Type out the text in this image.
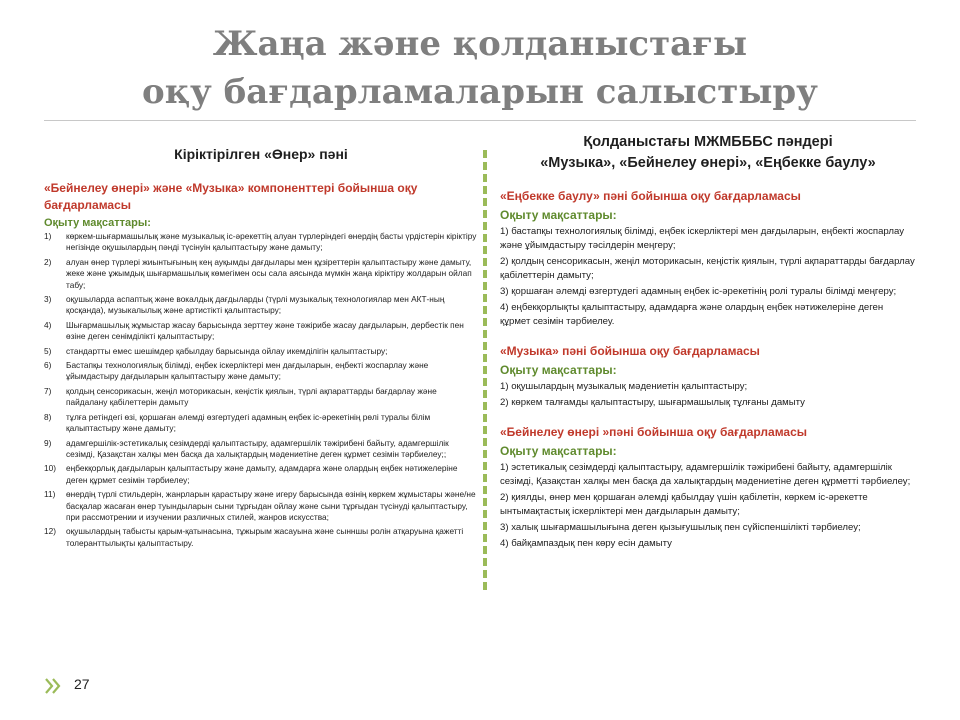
Жаңа және қолданыстағы
оқу бағдарламаларын салыстыру
Кіріктірілген «Өнер» пәні
«Бейнелеу өнері» және «Музыка» компоненттері бойынша оқу бағдарламасы
Оқыту мақсаттары:
1)	көркем-шығармашылық және музыкалық іс-әрекеттің алуан түрлеріндегі өнердің басты үрдістерін кіріктіру негізінде оқушылардың пәнді түсінуін қалыптастыру және дамыту;
2)	алуан өнер түрлері жиынтығының кең ауқымды дағдылары мен құзіреттерін қалыптастыру және дамыту, жеке және ұжымдық шығармашылық көмегімен осы сала аясында мүмкін жаңа кіріктіру жолдарын ойлап табу;
3)	оқушыларда аспаптық және вокалдық дағдыларды (түрлі музыкалық технологиялар мен АКТ-ның қосқанда), музыкалылық және артистікті қалыптастыру;
4)	Шығармашылық жұмыстар жасау барысында зерттеу және тәжірибе жасау дағдыларын, дербестік пен өзіне деген сенімділікті қалыптастыру;
5)	стандартты емес шешімдер қабылдау барысында ойлау икемділігін қалыптастыру;
6)	Бастапқы технологиялық білімді, еңбек іскерліктері мен дағдыларын, еңбекті жоспарлау және ұйымдастыру дағдыларын қалыптастыру және дамыту;
7)	қолдың сенсорикасын, жеңіл моторикасын, кеңістік қиялын, түрлі ақпараттарды бағдарлау және пайдалану қабілеттерін дамыту
8)	тұлға ретіндегі өзі, қоршаған әлемді өзгертудегі адамның еңбек іс-әрекетінің рөлі туралы білім қалыптастыру және дамыту;
9)	адамгершілік-эстетикалық сезімдерді қалыптастыру, адамгершілік тәжірибені байыту, адамгершілік сезімді, Қазақстан халқы мен басқа да халықтардың мәдениетіне деген құрмет сезімін тәрбиелеу;;
10)	еңбекқорлық дағдыларын қалыптастыру және дамыту, адамдарға және олардың еңбек нәтижелеріне деген құрмет сезімін тәрбиелеу;
11)	өнердің түрлі стильдерін, жанрларын қарастыру және игеру барысында өзінің көркем жұмыстары және/не басқалар жасаған өнер туындыларын сыни тұрғыдан ойлау және сыни тұрғыдан түсінуді қалыптастыру, при рассмотрении и изучении различных стилей, жанров искусства;
12)	оқушылардың табысты қарым-қатынасына, тұжырым жасауына және сынншы ролін атқаруына қажетті толеранттылықты қалыптастыру.
Қолданыстағы МЖМБББС пәндері
«Музыка», «Бейнелеу өнері», «Еңбекке баулу»
«Еңбекке баулу» пәні бойынша оқу бағдарламасы
Оқыту мақсаттары:
1) бастапқы технологиялық білімді, еңбек іскерліктері мен дағдыларын, еңбекті жоспарлау және ұйымдастыру тәсілдерін меңгеру;
2) қолдың сенсорикасын, жеңіл моторикасын, кеңістік қиялын, түрлі ақпараттарды бағдарлау қабілеттерін дамыту;
3) қоршаған әлемді өзгертудегі адамның еңбек іс-әрекетінің ролі туралы білімді меңгеру;
4) еңбекқорлықты қалыптастыру, адамдарға және олардың еңбек нәтижелеріне деген құрмет сезімін тәрбиелеу.
«Музыка» пәні бойынша оқу бағдарламасы
Оқыту мақсаттары:
1) оқушылардың музыкалық мәдениетін қалыптастыру;
2) көркем талғамды қалыптастыру, шығармашылық тұлғаны дамыту
«Бейнелеу өнері »пәні бойынша оқу бағдарламасы
Оқыту мақсаттары:
1) эстетикалық сезімдерді қалыптастыру, адамгершілік тәжірибені байыту, адамгершілік сезімді, Қазақстан халқы мен басқа да халықтардың мәдениетіне деген құрметті тәрбиелеу;
2) қиялды, өнер мен қоршаған әлемді қабылдау үшін қабілетін, көркем іс-әрекетте ынтымақтастық іскерліктері мен дағдыларын дамыту;
3) халық шығармашылығына деген қызығушылық пен сүйіспеншілікті тәрбиелеу;
4) байқампаздық пен көру есін дамыту
27
